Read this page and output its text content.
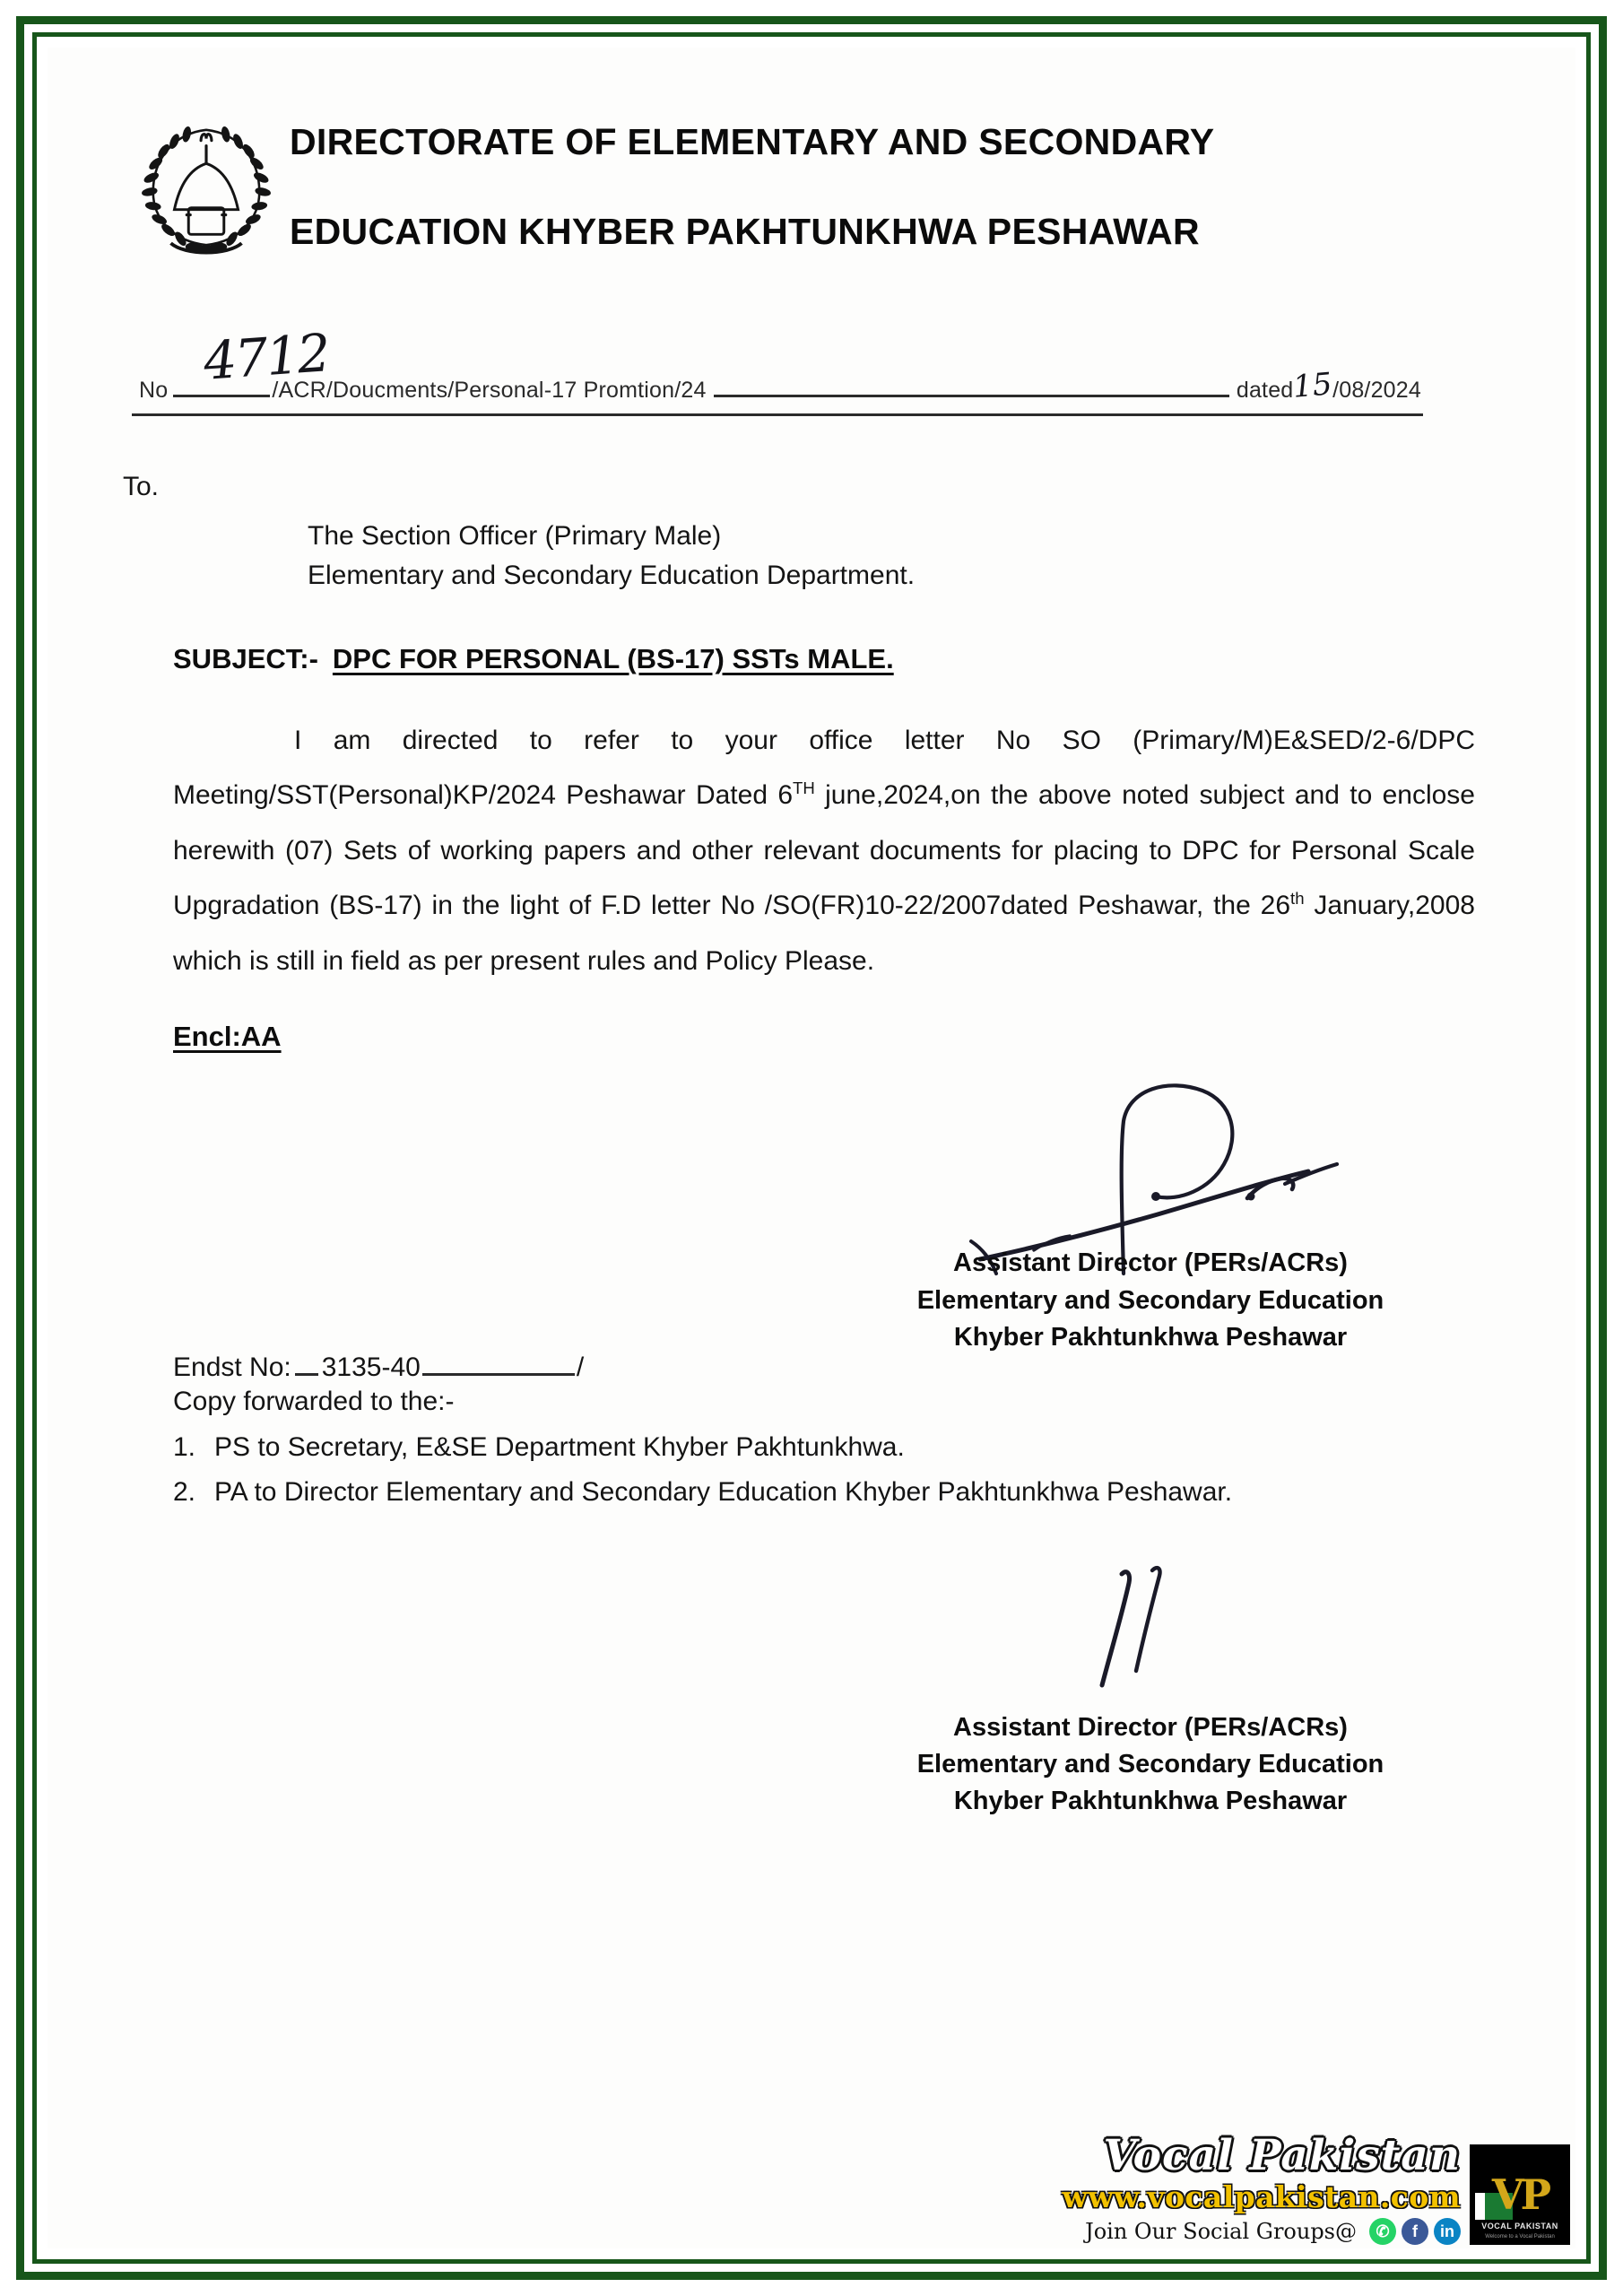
DIRECTORATE OF ELEMENTARY AND SECONDARY

EDUCATION KHYBER PAKHTUNKHWA PESHAWAR

4712
No	/ACR/Doucments/Personal-17 Promtion/24	dated
15
/08/2024
To.
The Section Officer (Primary Male)
Elementary and Secondary Education Department.
SUBJECT:- DPC FOR PERSONAL (BS-17) SSTs MALE.
I am directed to refer to your office letter No SO (Primary/M)E&SED/2-6/DPC Meeting/SST(Personal)KP/2024 Peshawar Dated 6TH june,2024,on the above noted subject and to enclose herewith (07) Sets of working papers and other relevant documents for placing to DPC for Personal Scale Upgradation (BS-17) in the light of F.D letter No /SO(FR)10-22/2007dated Peshawar, the 26th January,2008 which is still in field as per present rules and Policy Please.
Encl:AA
Assistant Director (PERs/ACRs)
Elementary and Secondary Education
Khyber Pakhtunkhwa Peshawar
Endst No: 3135-40	/
Copy forwarded to the:-
1. PS to Secretary, E&SE Department Khyber Pakhtunkhwa.
2. PA to Director Elementary and Secondary Education Khyber Pakhtunkhwa Peshawar.
Assistant Director (PERs/ACRs)
Elementary and Secondary Education
Khyber Pakhtunkhwa Peshawar
Vocal Pakistan
www.vocalpakistan.com
Join Our Social Groups@	✆	f	in
VP
VOCAL PAKISTAN
Welcome to a Vocal Pakistan
